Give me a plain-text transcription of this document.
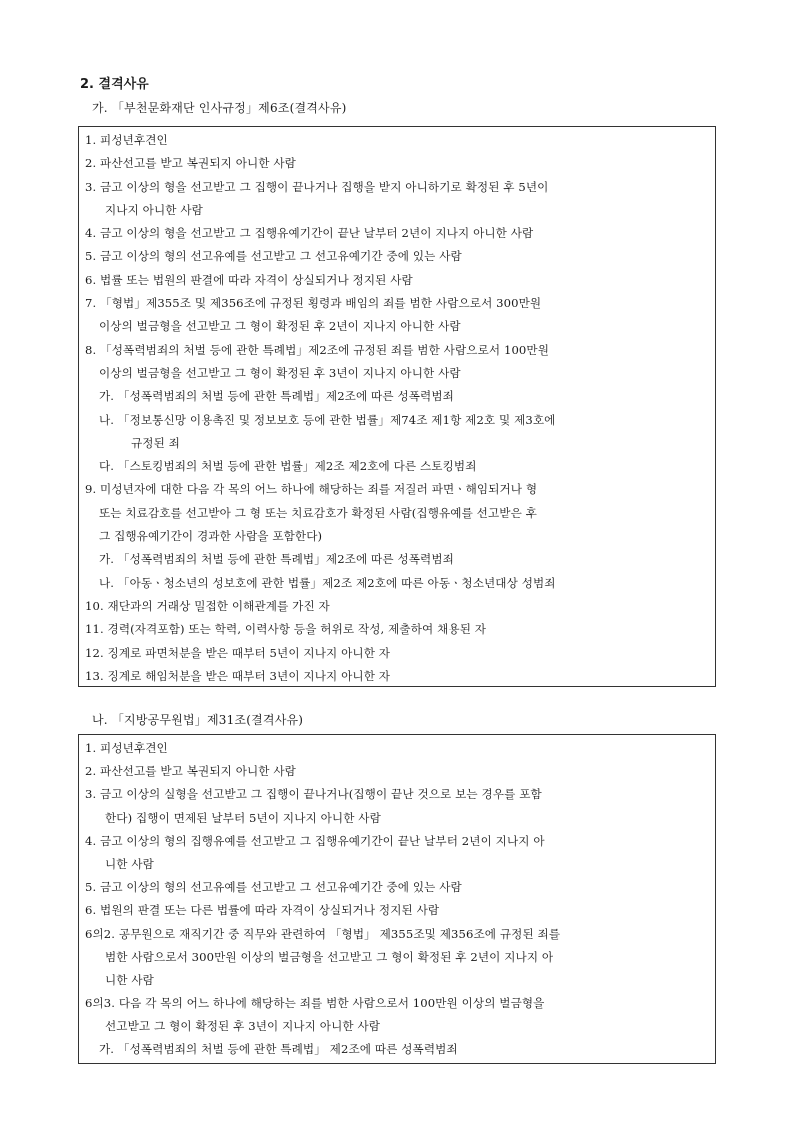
2. 결격사유
가. 「부천문화재단 인사규정」제6조(결격사유)
1. 피성년후견인
2. 파산선고를 받고 복권되지 아니한 사람
3. 금고 이상의 형을 선고받고 그 집행이 끝나거나 집행을 받지 아니하기로 확정된 후 5년이
지나지 아니한 사람
4. 금고 이상의 형을 선고받고 그 집행유예기간이 끝난 날부터 2년이 지나지 아니한 사람
5. 금고 이상의 형의 선고유예를 선고받고 그 선고유예기간 중에 있는 사람
6. 법률 또는 법원의 판결에 따라 자격이 상실되거나 정지된 사람
7. 「형법」제355조 및 제356조에 규정된 횡령과 배임의 죄를 범한 사람으로서 300만원
이상의 벌금형을 선고받고 그 형이 확정된 후 2년이 지나지 아니한 사람
8. 「성폭력범죄의 처벌 등에 관한 특례법」제2조에 규정된 죄를 범한 사람으로서 100만원
이상의 벌금형을 선고받고 그 형이 확정된 후 3년이 지나지 아니한 사람
가. 「성폭력범죄의 처벌 등에 관한 특례법」제2조에 따른 성폭력범죄
나. 「정보통신망 이용촉진 및 정보보호 등에 관한 법률」제74조 제1항 제2호 및 제3호에
규정된 죄
다. 「스토킹범죄의 처벌 등에 관한 법률」제2조 제2호에 다른 스토킹범죄
9. 미성년자에 대한 다음 각 목의 어느 하나에 해당하는 죄를 저질러 파면ㆍ해임되거나 형
또는 치료감호를 선고받아 그 형 또는 치료감호가 확정된 사람(집행유예를 선고받은 후
그 집행유예기간이 경과한 사람을 포함한다)
가. 「성폭력범죄의 처벌 등에 관한 특례법」제2조에 따른 성폭력범죄
나. 「아동ㆍ청소년의 성보호에 관한 법률」제2조 제2호에 따른 아동ㆍ청소년대상 성범죄
10. 재단과의 거래상 밀접한 이해관계를 가진 자
11. 경력(자격포함) 또는 학력, 이력사항 등을 허위로 작성, 제출하여 채용된 자
12. 징계로 파면처분을 받은 때부터 5년이 지나지 아니한 자
13. 징계로 해임처분을 받은 때부터 3년이 지나지 아니한 자
나. 「지방공무원법」제31조(결격사유)
1. 피성년후견인
2. 파산선고를 받고 복권되지 아니한 사람
3. 금고 이상의 실형을 선고받고 그 집행이 끝나거나(집행이 끝난 것으로 보는 경우를 포함
한다) 집행이 면제된 날부터 5년이 지나지 아니한 사람
4. 금고 이상의 형의 집행유예를 선고받고 그 집행유예기간이 끝난 날부터 2년이 지나지 아
니한 사람
5. 금고 이상의 형의 선고유예를 선고받고 그 선고유예기간 중에 있는 사람
6. 법원의 판결 또는 다른 법률에 따라 자격이 상실되거나 정지된 사람
6의2. 공무원으로 재직기간 중 직무와 관련하여 「형법」 제355조및 제356조에 규정된 죄를
범한 사람으로서 300만원 이상의 벌금형을 선고받고 그 형이 확정된 후 2년이 지나지 아
니한 사람
6의3. 다음 각 목의 어느 하나에 해당하는 죄를 범한 사람으로서 100만원 이상의 벌금형을
선고받고 그 형이 확정된 후 3년이 지나지 아니한 사람
가. 「성폭력범죄의 처벌 등에 관한 특례법」 제2조에 따른 성폭력범죄
